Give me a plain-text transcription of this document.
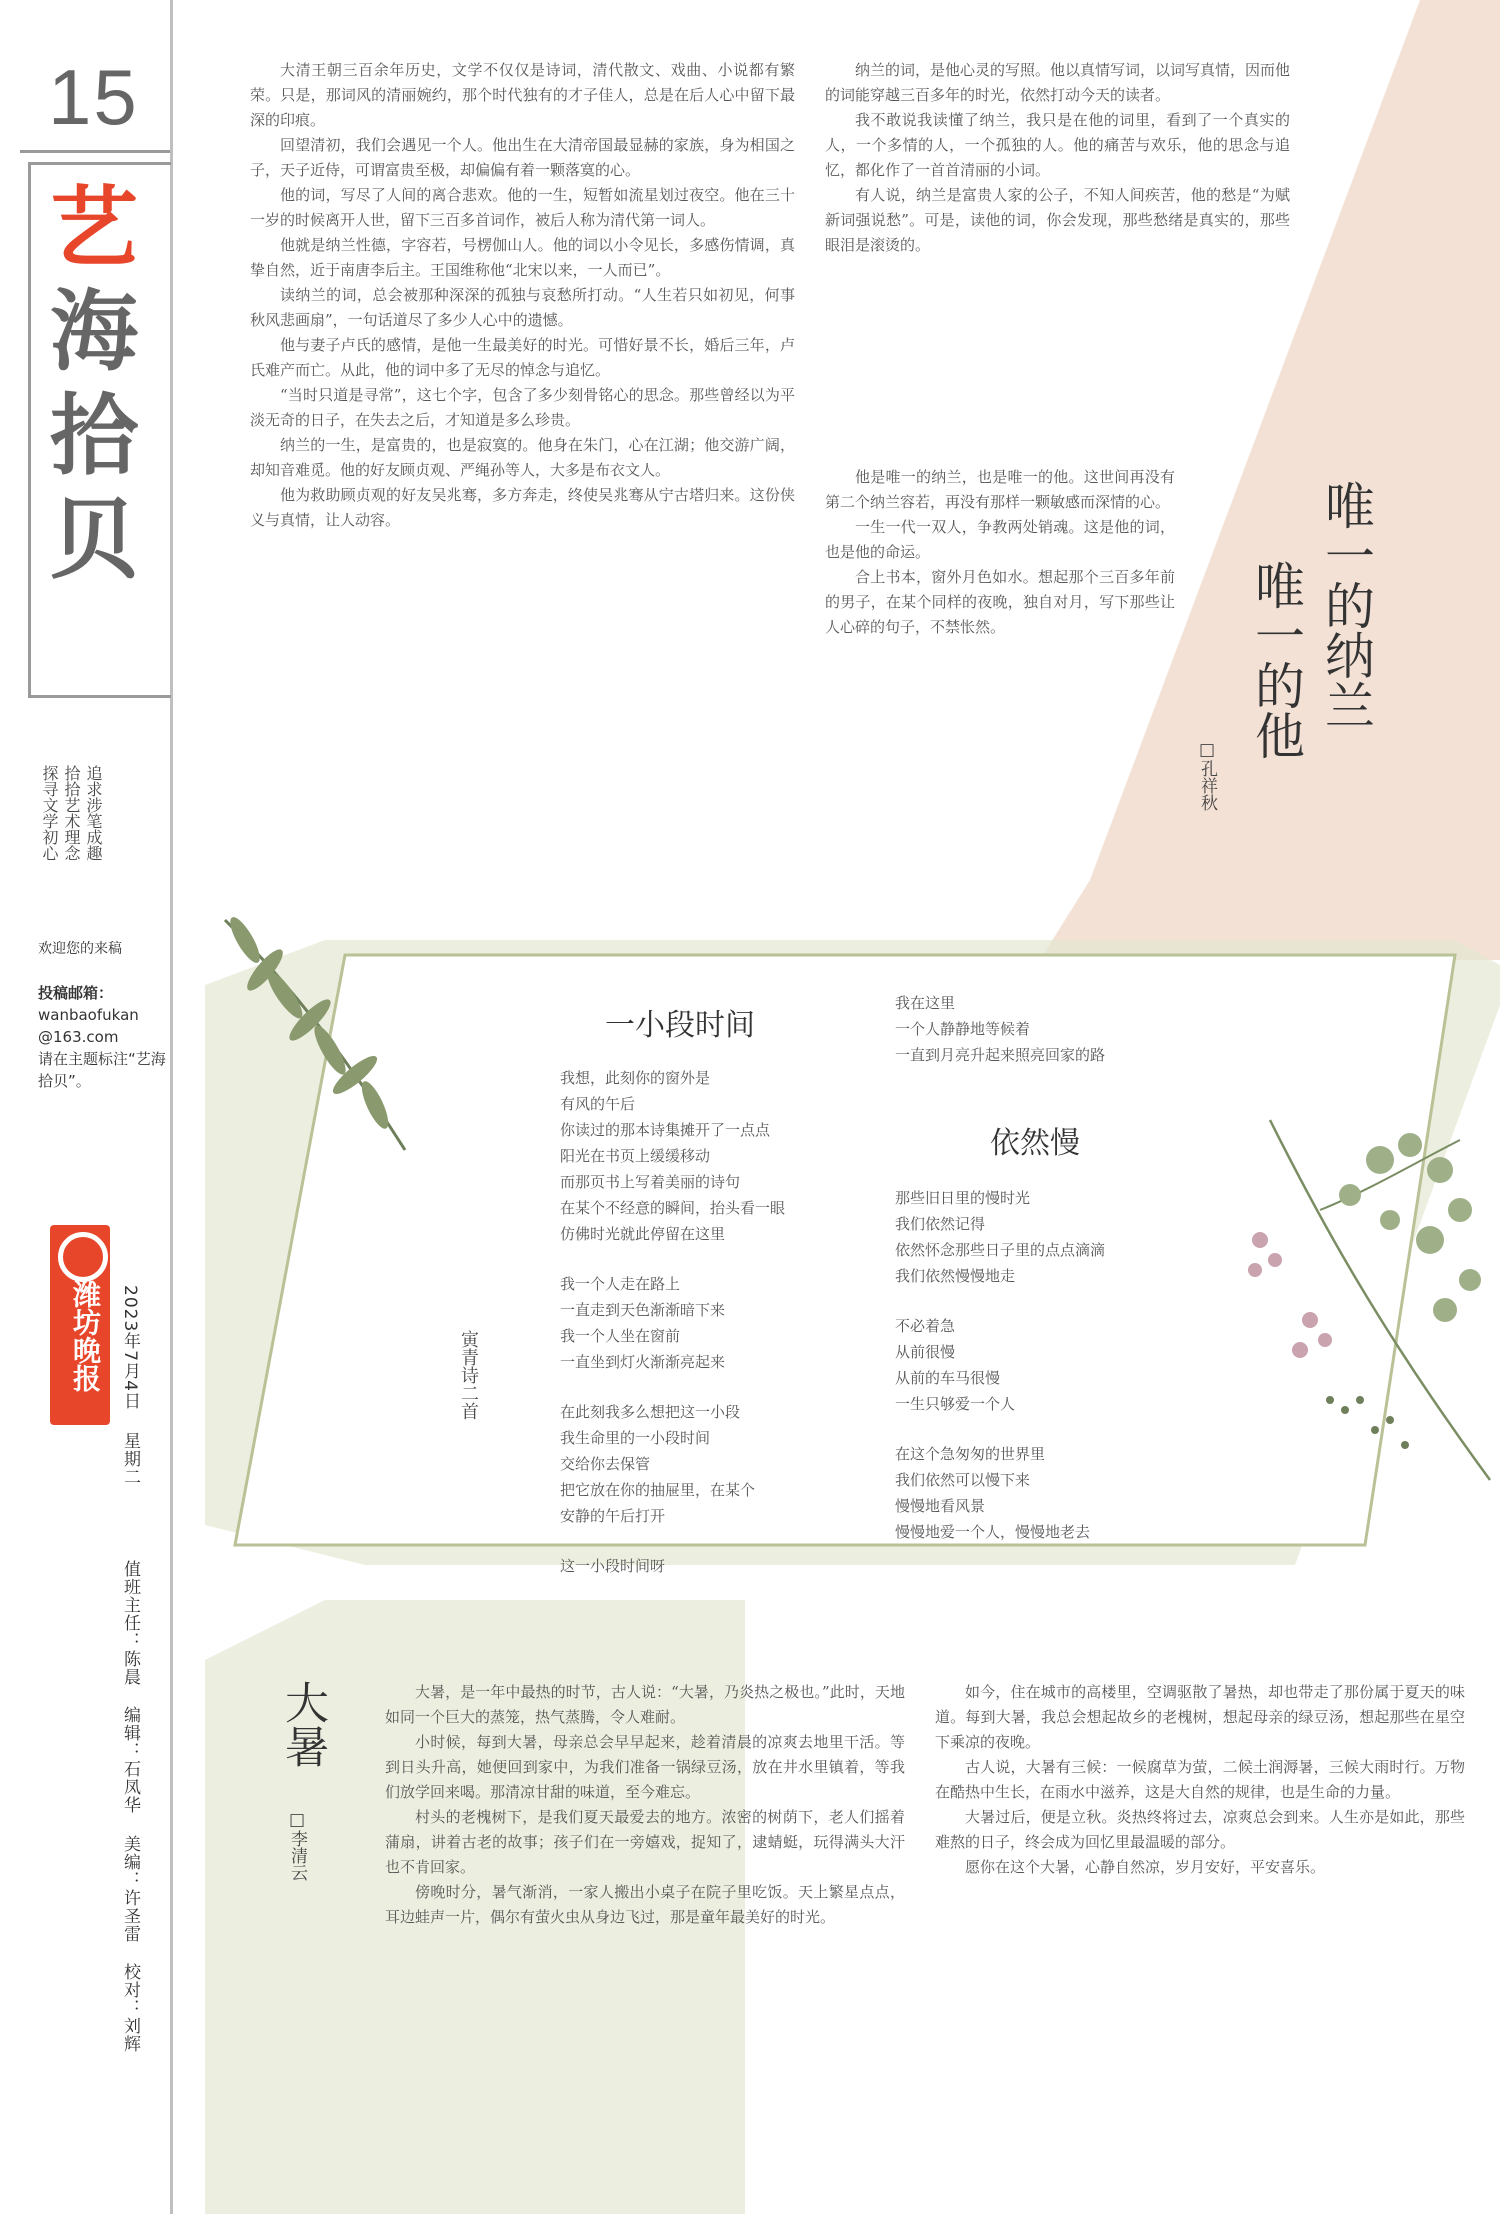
15
艺
海
拾
贝
追求涉笔成趣
拾拾艺术理念
探寻文学初心
欢迎您的来稿
投稿邮箱：
wanbaofukan
@163.com
请在主题标注“艺海拾贝”。
潍坊晚报 2023年7月4日 星期二
值班主任：陈晨 编辑：石凤华 美编：许圣雷 校对：刘辉

大清王朝三百余年历史，文学不仅仅是诗词，清代散文、戏曲、小说都有繁荣。只是，那词风的清丽婉约，那个时代独有的才子佳人，总是在后人心中留下最深的印痕。

回望清初，我们会遇见一个人。他出生在大清帝国最显赫的家族，身为相国之子，天子近侍，可谓富贵至极，却偏偏有着一颗落寞的心。

他的词，写尽了人间的离合悲欢。他的一生，短暂如流星划过夜空。他在三十一岁的时候离开人世，留下三百多首词作，被后人称为清代第一词人。

他就是纳兰性德，字容若，号楞伽山人。他的词以小令见长，多感伤情调，真挚自然，近于南唐李后主。王国维称他“北宋以来，一人而已”。

读纳兰的词，总会被那种深深的孤独与哀愁所打动。“人生若只如初见，何事秋风悲画扇”，一句话道尽了多少人心中的遗憾。

他与妻子卢氏的感情，是他一生最美好的时光。可惜好景不长，婚后三年，卢氏难产而亡。从此，他的词中多了无尽的悼念与追忆。

“当时只道是寻常”，这七个字，包含了多少刻骨铭心的思念。那些曾经以为平淡无奇的日子，在失去之后，才知道是多么珍贵。

纳兰的一生，是富贵的，也是寂寞的。他身在朱门，心在江湖；他交游广阔，却知音难觅。他的好友顾贞观、严绳孙等人，大多是布衣文人。

他为救助顾贞观的好友吴兆骞，多方奔走，终使吴兆骞从宁古塔归来。这份侠义与真情，让人动容。

纳兰的词，是他心灵的写照。他以真情写词，以词写真情，因而他的词能穿越三百多年的时光，依然打动今天的读者。

我不敢说我读懂了纳兰，我只是在他的词里，看到了一个真实的人，一个多情的人，一个孤独的人。他的痛苦与欢乐，他的思念与追忆，都化作了一首首清丽的小词。

有人说，纳兰是富贵人家的公子，不知人间疾苦，他的愁是“为赋新词强说愁”。可是，读他的词，你会发现，那些愁绪是真实的，那些眼泪是滚烫的。

他是唯一的纳兰，也是唯一的他。这世间再没有第二个纳兰容若，再没有那样一颗敏感而深情的心。

一生一代一双人，争教两处销魂。这是他的词，也是他的命运。

合上书本，窗外月色如水。想起那个三百多年前的男子，在某个同样的夜晚，独自对月，写下那些让人心碎的句子，不禁怅然。	唯一的纳兰
唯一的他
□孔祥秋
一小段时间
寅青诗二首

我想，此刻你的窗外是

有风的午后

你读过的那本诗集摊开了一点点

阳光在书页上缓缓移动

而那页书上写着美丽的诗句

在某个不经意的瞬间，抬头看一眼

仿佛时光就此停留在这里

我一个人走在路上

一直走到天色渐渐暗下来

我一个人坐在窗前

一直坐到灯火渐渐亮起来

在此刻我多么想把这一小段

我生命里的一小段时间

交给你去保管

把它放在你的抽屉里，在某个

安静的午后打开

这一小段时间呀

我在这里

一个人静静地等候着

一直到月亮升起来照亮回家的路

依然慢

那些旧日里的慢时光

我们依然记得

依然怀念那些日子里的点点滴滴

我们依然慢慢地走

不必着急

从前很慢

从前的车马很慢

一生只够爱一个人

在这个急匆匆的世界里

我们依然可以慢下来

慢慢地看风景

慢慢地爱一个人，慢慢地老去

大暑
□李清云

大暑，是一年中最热的时节，古人说：“大暑，乃炎热之极也。”此时，天地如同一个巨大的蒸笼，热气蒸腾，令人难耐。

小时候，每到大暑，母亲总会早早起来，趁着清晨的凉爽去地里干活。等到日头升高，她便回到家中，为我们准备一锅绿豆汤，放在井水里镇着，等我们放学回来喝。那清凉甘甜的味道，至今难忘。

村头的老槐树下，是我们夏天最爱去的地方。浓密的树荫下，老人们摇着蒲扇，讲着古老的故事；孩子们在一旁嬉戏，捉知了，逮蜻蜓，玩得满头大汗也不肯回家。

傍晚时分，暑气渐消，一家人搬出小桌子在院子里吃饭。天上繁星点点，耳边蛙声一片，偶尔有萤火虫从身边飞过，那是童年最美好的时光。

如今，住在城市的高楼里，空调驱散了暑热，却也带走了那份属于夏天的味道。每到大暑，我总会想起故乡的老槐树，想起母亲的绿豆汤，想起那些在星空下乘凉的夜晚。

古人说，大暑有三候：一候腐草为萤，二候土润溽暑，三候大雨时行。万物在酷热中生长，在雨水中滋养，这是大自然的规律，也是生命的力量。

大暑过后，便是立秋。炎热终将过去，凉爽总会到来。人生亦是如此，那些难熬的日子，终会成为回忆里最温暖的部分。

愿你在这个大暑，心静自然凉，岁月安好，平安喜乐。
